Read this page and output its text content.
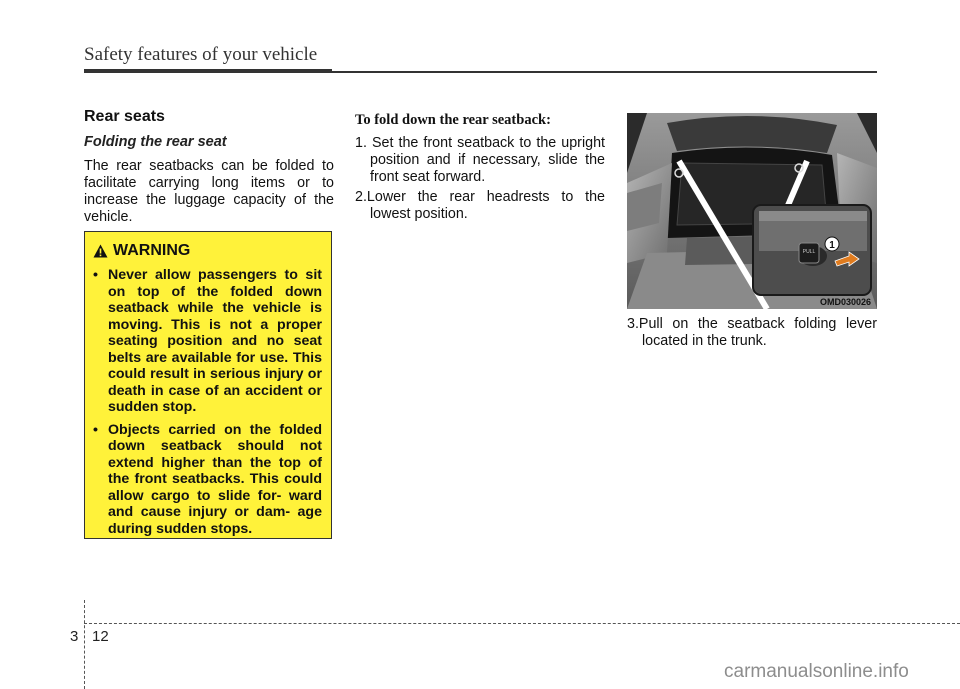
Safety features of your vehicle
Rear seats
Folding the rear seat

The rear seatbacks can be folded to facilitate carrying long items or to increase the luggage capacity of the vehicle.

WARNING

• Never allow passengers to sit on top of the folded down seatback while the vehicle is moving. This is not a proper seating position and no seat belts are available for use. This could result in serious injury or death in case of an accident or sudden stop.

• Objects carried on the folded down seatback should not extend higher than the top of the front seatbacks. This could allow cargo to slide for- ward and cause injury or dam- age during sudden stops.

To fold down the rear seatback:

1. Set the front seatback to the upright position and if necessary, slide the front seat forward.

2.Lower the rear headrests to the lowest position.

PULL
1
OMD030026

3.Pull on the seatback folding lever located in the trunk.

3 12
carmanualsonline.info
